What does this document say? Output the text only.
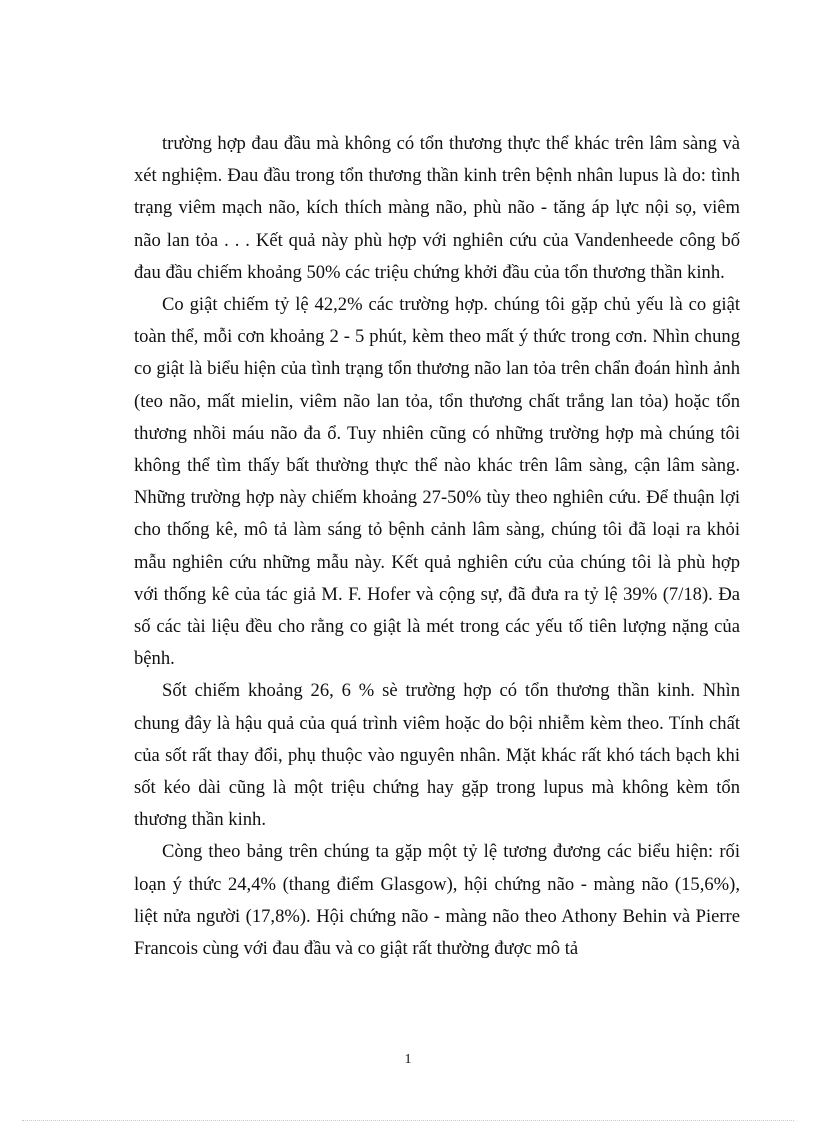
trường hợp đau đầu mà không có tổn thương thực thể khác trên lâm sàng và xét nghiệm. Đau đầu trong tổn thương thần kinh trên bệnh nhân lupus là do: tình trạng viêm mạch não, kích thích màng não, phù não - tăng áp lực nội sọ, viêm não lan tỏa . . . Kết quả này phù hợp với nghiên cứu của Vandenheede công bố đau đầu chiếm khoảng 50% các triệu chứng khởi đầu của tổn thương thần kinh.

Co giật chiếm tỷ lệ 42,2% các trường hợp. chúng tôi gặp chủ yếu là co giật toàn thể, mỗi cơn khoảng 2 - 5 phút, kèm theo mất ý thức trong cơn. Nhìn chung co giật là biểu hiện của tình trạng tổn thương não lan tỏa trên chẩn đoán hình ảnh (teo não, mất mielin, viêm não lan tỏa, tổn thương chất trắng lan tỏa) hoặc tổn thương nhồi máu não đa ổ. Tuy nhiên cũng có những trường hợp mà chúng tôi không thể tìm thấy bất thường thực thể nào khác trên lâm sàng, cận lâm sàng. Những trường hợp này chiếm khoảng 27-50% tùy theo nghiên cứu. Để thuận lợi cho thống kê, mô tả làm sáng tỏ bệnh cảnh lâm sàng, chúng tôi đã loại ra khỏi mẫu nghiên cứu những mẫu này. Kết quả nghiên cứu của chúng tôi là phù hợp với thống kê của tác giả M. F. Hofer và cộng sự, đã đưa ra tỷ lệ 39% (7/18). Đa số các tài liệu đều cho rằng co giật là mét trong các yếu tố tiên lượng nặng của bệnh.

Sốt chiếm khoảng 26, 6 % sè trường hợp có tổn thương thần kinh. Nhìn chung đây là hậu quả của quá trình viêm hoặc do bội nhiễm kèm theo. Tính chất của sốt rất thay đổi, phụ thuộc vào nguyên nhân. Mặt khác rất khó tách bạch khi sốt kéo dài cũng là một triệu chứng hay gặp trong lupus mà không kèm tổn thương thần kinh.

Còng theo bảng trên chúng ta gặp một tỷ lệ tương đương các biểu hiện: rối loạn ý thức 24,4% (thang điểm Glasgow), hội chứng não - màng não (15,6%), liệt nửa người (17,8%). Hội chứng não - màng não theo Athony Behin và Pierre Francois cùng với đau đầu và co giật rất thường được mô tả

1
